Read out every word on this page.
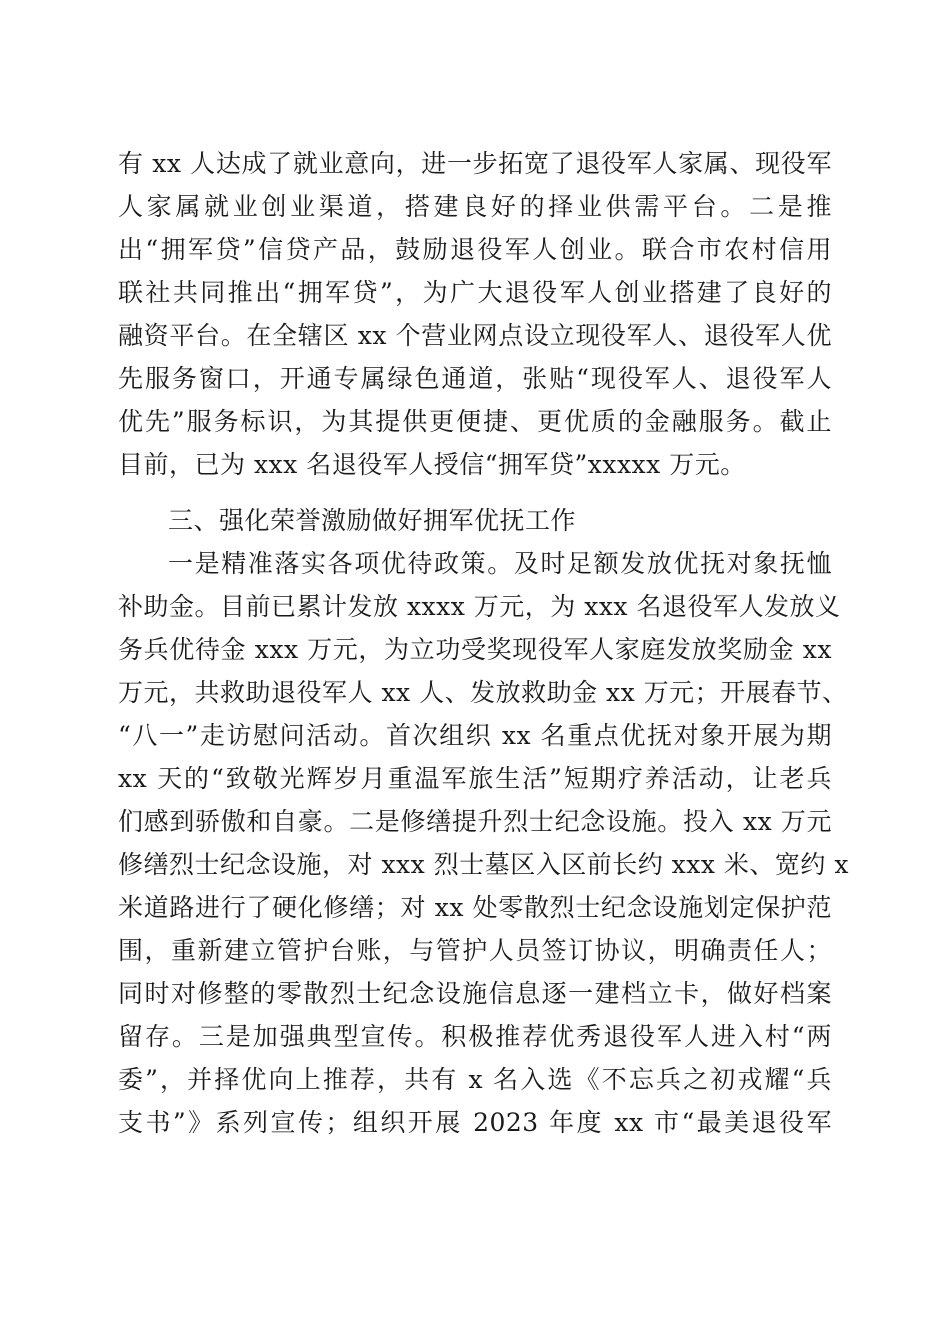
有 xx 人达成了就业意向，进一步拓宽了退役军人家属、现役军
人家属就业创业渠道，搭建良好的择业供需平台。二是推
出“拥军贷”信贷产品，鼓励退役军人创业。联合市农村信用
联社共同推出“拥军贷”，为广大退役军人创业搭建了良好的
融资平台。在全辖区 xx 个营业网点设立现役军人、退役军人优
先服务窗口，开通专属绿色通道，张贴“现役军人、退役军人
优先”服务标识，为其提供更便捷、更优质的金融服务。截止
目前，已为 xxx 名退役军人授信“拥军贷”xxxxx 万元。
三、强化荣誉激励做好拥军优抚工作
一是精准落实各项优待政策。及时足额发放优抚对象抚恤
补助金。目前已累计发放 xxxx 万元，为 xxx 名退役军人发放义
务兵优待金 xxx 万元，为立功受奖现役军人家庭发放奖励金 xx
万元，共救助退役军人 xx 人、发放救助金 xx 万元；开展春节、
“八一”走访慰问活动。首次组织 xx 名重点优抚对象开展为期
xx 天的“致敬光辉岁月重温军旅生活”短期疗养活动，让老兵
们感到骄傲和自豪。二是修缮提升烈士纪念设施。投入 xx 万元
修缮烈士纪念设施，对 xxx 烈士墓区入区前长约 xxx 米、宽约 x
米道路进行了硬化修缮；对 xx 处零散烈士纪念设施划定保护范
围，重新建立管护台账，与管护人员签订协议，明确责任人；
同时对修整的零散烈士纪念设施信息逐一建档立卡，做好档案
留存。三是加强典型宣传。积极推荐优秀退役军人进入村“两
委”，并择优向上推荐，共有 x 名入选《不忘兵之初戎耀“兵
支书”》系列宣传；组织开展 2023 年度 xx 市“最美退役军
